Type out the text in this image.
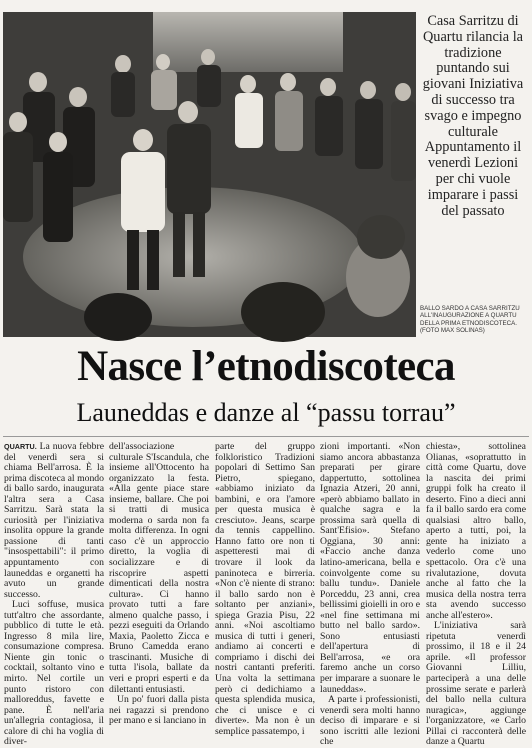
Casa Sarritzu di Quartu rilancia la tradizione puntando sui giovani Iniziativa di successo tra svago e impegno culturale Appuntamento il venerdì Lezioni per chi vuole imparare i passi del passato
BALLO SARDO A CASA SARRITZU ALL'INAUGURAZIONE A QUARTU DELLA PRIMA ETNODISCOTECA. (FOTO MAX SOLINAS)
Nasce l’etnodiscoteca
Launeddas e danze al “passu torrau”

QUARTU. La nuova febbre del venerdì sera si chiama Bell'arrosa. È la prima discoteca al mondo di ballo sardo, inaugurata l'altra sera a Casa Sarritzu. Sarà stata la curiosità per l'iniziativa insolita oppure la grande passione di tanti "insospettabili": il primo appuntamento con launeddas e organetti ha avuto un grande successo.

Luci soffuse, musica tutt'altro che assordante, pubblico di tutte le età. Ingresso 8 mila lire, consumazione compresa. Niente gin tonic o cocktail, soltanto vino e mirto. Nel cortile un punto ristoro con malloreddus, favette e pane. È nell'aria un'allegria contagiosa, il calore di chi ha voglia di diver-

dell'associazione culturale S'Iscandula, che insieme all'Ottocento ha organizzato la festa. «Alla gente piace stare insieme, ballare. Che poi si tratti di musica moderna o sarda non fa molta differenza. In ogni caso c'è un approccio diretto, la voglia di socializzare e di riscoprire aspetti dimenticati della nostra cultura». Ci hanno provato tutti a fare almeno qualche passo, i pezzi eseguiti da Orlando Maxia, Paoletto Zicca e Bruno Camedda erano trascinanti. Musiche di tutta l'isola, ballate da veri e propri esperti e da dilettanti entusiasti.

Un po' fuori dalla pista nei ragazzi si prendono per mano e si lanciano in

parte del gruppo folkloristico Tradizioni popolari di Settimo San Pietro, spiegano, «abbiamo iniziato da bambini, e ora l'amore per questa musica è cresciuto». Jeans, scarpe da tennis cappellino. Hanno fatto ore non ti aspetteresti mai di trovare il look da paninoteca e birreria. «Non c'è niente di strano: il ballo sardo non è soltanto per anziani», spiega Grazia Pisu, 22 anni. «Noi ascoltiamo musica di tutti i generi, andiamo ai concerti e compriamo i dischi dei nostri cantanti preferiti. Una volta la settimana però ci dedichiamo a questa splendida musica, che ci unisce e ci diverte». Ma non è un semplice passatempo, i

zioni importanti. «Non siamo ancora abbastanza preparati per girare dappertutto, sottolinea Ignazia Atzeri, 20 anni, «però abbiamo ballato in qualche sagra e la prossima sarà quella di Sant'Efisio». Stefano Oggiana, 30 anni: «Faccio anche danza latino-americana, bella e coinvolgente come su ballu tundu». Daniele Porceddu, 23 anni, crea bellissimi gioielli in oro e «nel fine settimana mi butto nel ballo sardo». Sono entusiasti dell'apertura di Bell'arrosa, «e ora faremo anche un corso per imparare a suonare le launeddas».

A parte i professionisti, venerdì sera molti hanno deciso di imparare e si sono iscritti alle lezioni che

chiesta», sottolinea Olianas, «soprattutto in città come Quartu, dove la nascita dei primi gruppi folk ha creato il deserto. Fino a dieci anni fa il ballo sardo era come qualsiasi altro ballo, aperto a tutti, poi, la gente ha iniziato a vederlo come uno spettacolo. Ora c'è una rivalutazione, dovuta anche al fatto che la musica della nostra terra sta avendo successo anche all'estero».

L'iniziativa sarà ripetuta venerdì prossimo, il 18 e il 24 aprile. «Il professor Giovanni Lilliu, parteciperà a una delle prossime serate e parlerà del ballo nella cultura nuragica», aggiunge l'organizzatore, «e Carlo Pillai ci racconterà delle danze a Quartu
